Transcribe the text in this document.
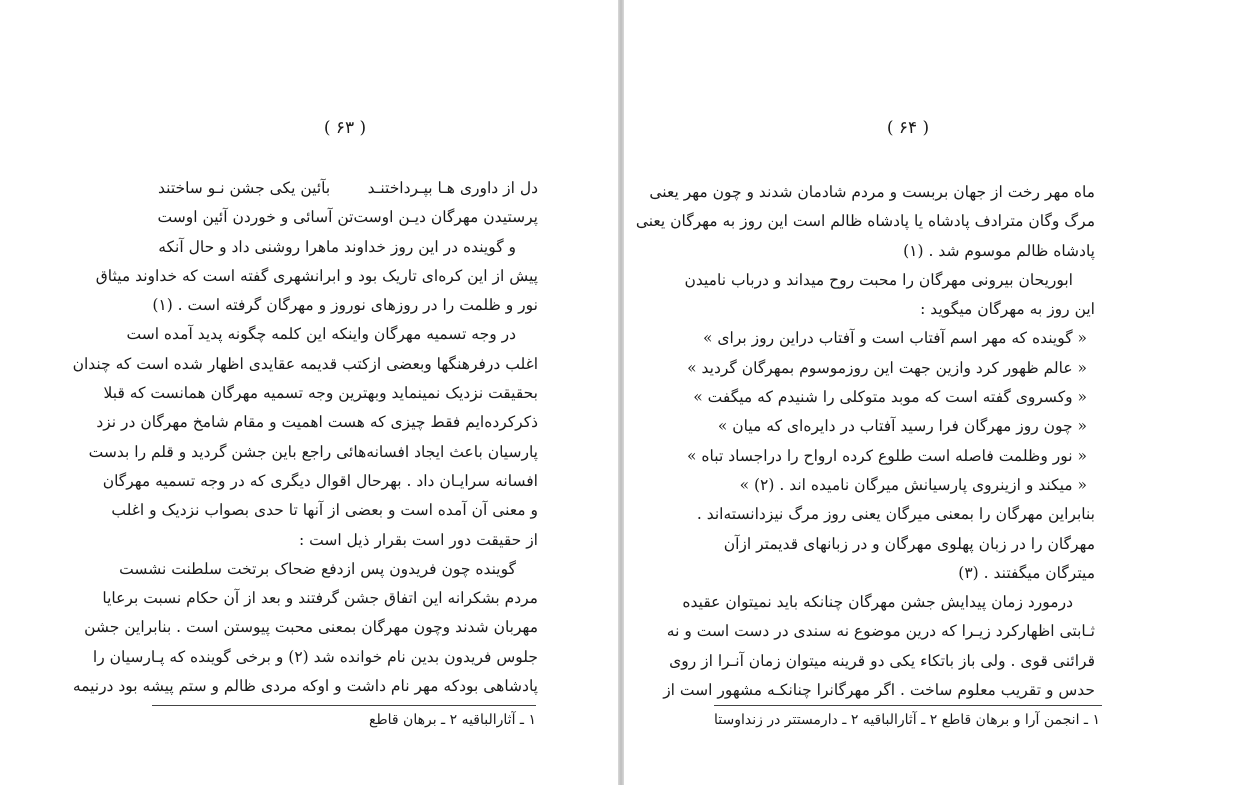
( ۶۳ )
دل از داوری هـا بپـرداختنـد
بآئین یکی جشن نـو ساختند
پرستیدن مهرگان دیـن اوست
تن آسائی و خوردن آئین اوست
و گوینده در این روز خداوند ماهرا روشنی داد و حال آنکه
پیش از این کره‌ای تاریک بود و ابرانشهری گفته است که خداوند میثاق
نور و ظلمت را در روزهای نوروز و مهرگان گرفته است . (۱)
در وجه تسمیه مهرگان واینکه این کلمه چگونه پدید آمده است
اغلب درفرهنگها وبعضی ازکتب قدیمه عقایدی اظهار شده است که چندان
بحقیقت نزدیک نمینماید وبهترین وجه تسمیه مهرگان همانست که قبلا
ذکرکرده‌ایم فقط چیزی که هست اهمیت و مقام شامخ مهرگان در نزد
پارسیان باعث ایجاد افسانه‌هائی راجع باین جشن گردید و قلم را بدست
افسانه سرایـان داد . بهرحال اقوال دیگری که در وجه تسمیه مهرگان
و معنی آن آمده است و بعضی از آنها تا حدی بصواب نزدیک و اغلب
از حقیقت دور است بقرار ذیل است :
گوینده چون فریدون پس ازدفع ضحاک برتخت سلطنت نشست
مردم بشکرانه این اتفاق جشن گرفتند و بعد از آن حکام نسبت برعایا
مهربان شدند وچون مهرگان بمعنی محبت پیوستن است . بنابراین جشن
جلوس فریدون بدین نام خوانده شد (۲) و برخی گوینده که پـارسیان را
پادشاهی بودکه مهر نام داشت و اوکه مردی ظالم و ستم پیشه بود درنیمه
۱ ـ آثارالباقیه ۲ ـ برهان قاطع
( ۶۴ )
ماه مهر رخت از جهان بربست و مردم شادمان شدند و چون مهر یعنی
مرگ وگان مترادف پادشاه یا پادشاه ظالم است این روز به مهرگان یعنی
پادشاه ظالم موسوم شد . (۱)
ابوریحان بیرونی مهرگان را محبت روح میداند و درباب نامیدن
این روز به مهرگان میگوید :
« گوینده که مهر اسم آفتاب است و آفتاب دراین روز برای »
« عالم ظهور کرد وازین جهت این روزموسوم بمهرگان گردید »
« وکسروی گفته است که موبد متوکلی را شنیدم که میگفت »
« چون روز مهرگان فرا رسید آفتاب در دایره‌ای که میان »
« نور وظلمت فاصله است طلوع کرده ارواح را دراجساد تباه »
« میکند و ازینروی پارسیانش میرگان نامیده اند . (۲) »
بنابراین مهرگان را بمعنی میرگان یعنی روز مرگ نیزدانسته‌اند .
مهرگان را در زبان پهلوی مهرگان و در زبانهای قدیمتر ازآن
میترگان میگفتند . (۳)
درمورد زمان پیدایش جشن مهرگان چنانکه باید نمیتوان عقیده
ثـابتی اظهارکرد زیـرا که درین موضوع نه سندی در دست است و نه
قرائنی قوی . ولی باز باتکاء یکی دو قرینه میتوان زمان آنـرا از روی
حدس و تقریب معلوم ساخت . اگر مهرگانرا چنانکـه مشهور است از
۱ ـ انجمن آرا و برهان قاطع ۲ ـ آثارالباقیه ۲ ـ دارمستتر در زنداوستا
